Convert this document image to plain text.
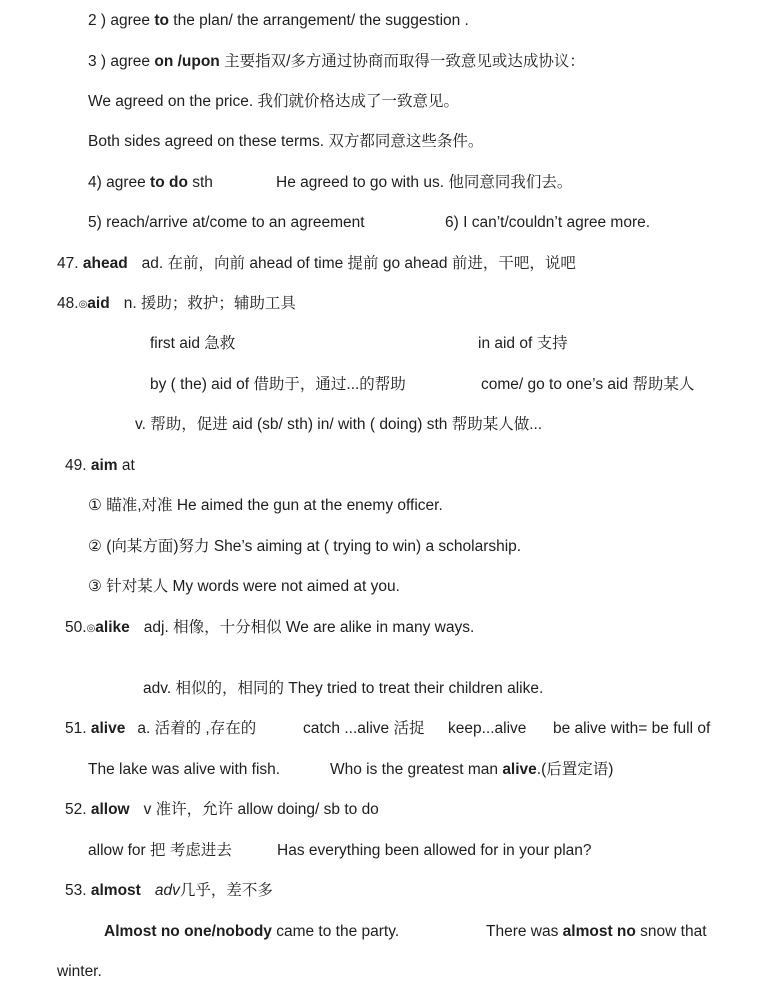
2 ) agree to the plan/ the arrangement/ the suggestion .
3 ) agree on /upon 主要指双/多方通过协商而取得一致意见或达成协议：
We agreed on the price. 我们就价格达成了一致意见。
Both sides agreed on these terms. 双方都同意这些条件。
4) agree to do sth	He agreed to go with us. 他同意同我们去。
5) reach/arrive at/come to an agreement	6) I can’t/couldn’t agree more.
47. ahead ad. 在前，向前 ahead of time 提前 go ahead 前进，干吧，说吧
48.◎aid n. 援助；救护；辅助工具
first aid 急救	in aid of 支持
by ( the) aid of 借助于，通过...的帮助	come/ go to one’s aid 帮助某人
v. 帮助，促进 aid (sb/ sth) in/ with ( doing) sth 帮助某人做...
49. aim at
① 瞄准,对准 He aimed the gun at the enemy officer.
② (向某方面)努力 She’s aiming at ( trying to win) a scholarship.
③ 针对某人 My words were not aimed at you.
50.◎alike adj. 相像，十分相似 We are alike in many ways.
adv. 相似的，相同的 They tried to treat their children alike.
51. alive a. 活着的 ,存在的	catch ...alive 活捉 keep...alive be alive with= be full of
The lake was alive with fish.	Who is the greatest man alive.(后置定语)
52. allow v 准许，允许 allow doing/ sb to do
allow for 把 考虑进去	Has everything been allowed for in your plan?
53. almost adv几乎，差不多
Almost no one/nobody came to the party.	There was almost no snow that
winter.
